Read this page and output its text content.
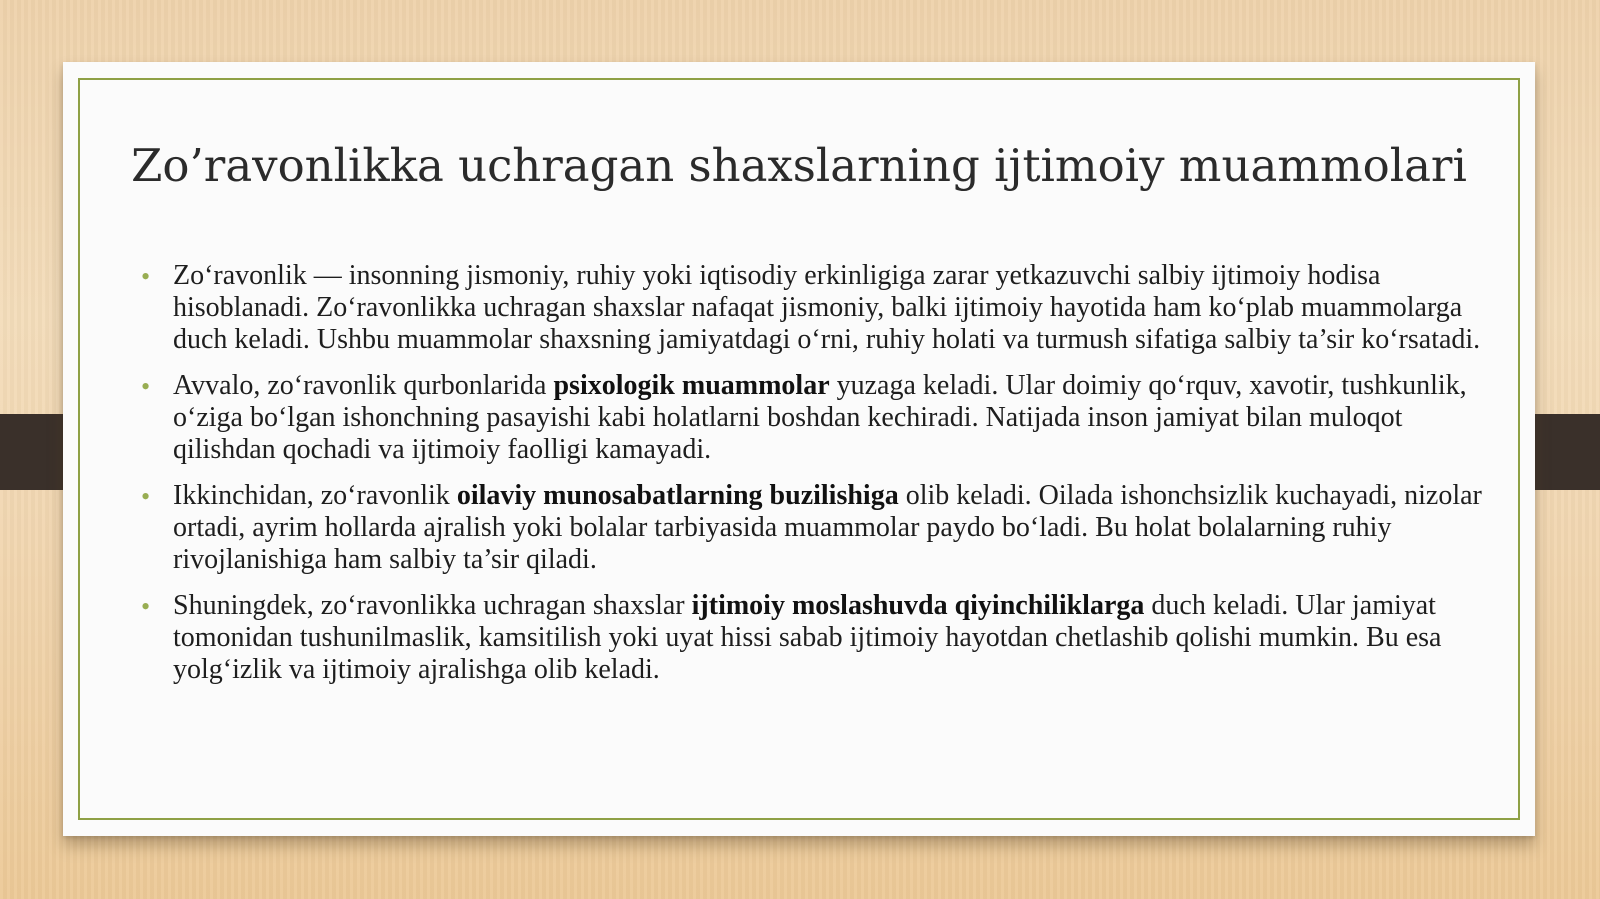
Zo’ravonlikka uchragan shaxslarning ijtimoiy muammolari
• Zo‘ravonlik — insonning jismoniy, ruhiy yoki iqtisodiy erkinligiga zarar yetkazuvchi salbiy ijtimoiy hodisa hisoblanadi. Zo‘ravonlikka uchragan shaxslar nafaqat jismoniy, balki ijtimoiy hayotida ham ko‘plab muammolarga duch keladi. Ushbu muammolar shaxsning jamiyatdagi o‘rni, ruhiy holati va turmush sifatiga salbiy ta’sir ko‘rsatadi.
• Avvalo, zo‘ravonlik qurbonlarida psixologik muammolar yuzaga keladi. Ular doimiy qo‘rquv, xavotir, tushkunlik, o‘ziga bo‘lgan ishonchning pasayishi kabi holatlarni boshdan kechiradi. Natijada inson jamiyat bilan muloqot qilishdan qochadi va ijtimoiy faolligi kamayadi.
• Ikkinchidan, zo‘ravonlik oilaviy munosabatlarning buzilishiga olib keladi. Oilada ishonchsizlik kuchayadi, nizolar ortadi, ayrim hollarda ajralish yoki bolalar tarbiyasida muammolar paydo bo‘ladi. Bu holat bolalarning ruhiy rivojlanishiga ham salbiy ta’sir qiladi.
• Shuningdek, zo‘ravonlikka uchragan shaxslar ijtimoiy moslashuvda qiyinchiliklarga duch keladi. Ular jamiyat tomonidan tushunilmaslik, kamsitilish yoki uyat hissi sabab ijtimoiy hayotdan chetlashib qolishi mumkin. Bu esa yolg‘izlik va ijtimoiy ajralishga olib keladi.
